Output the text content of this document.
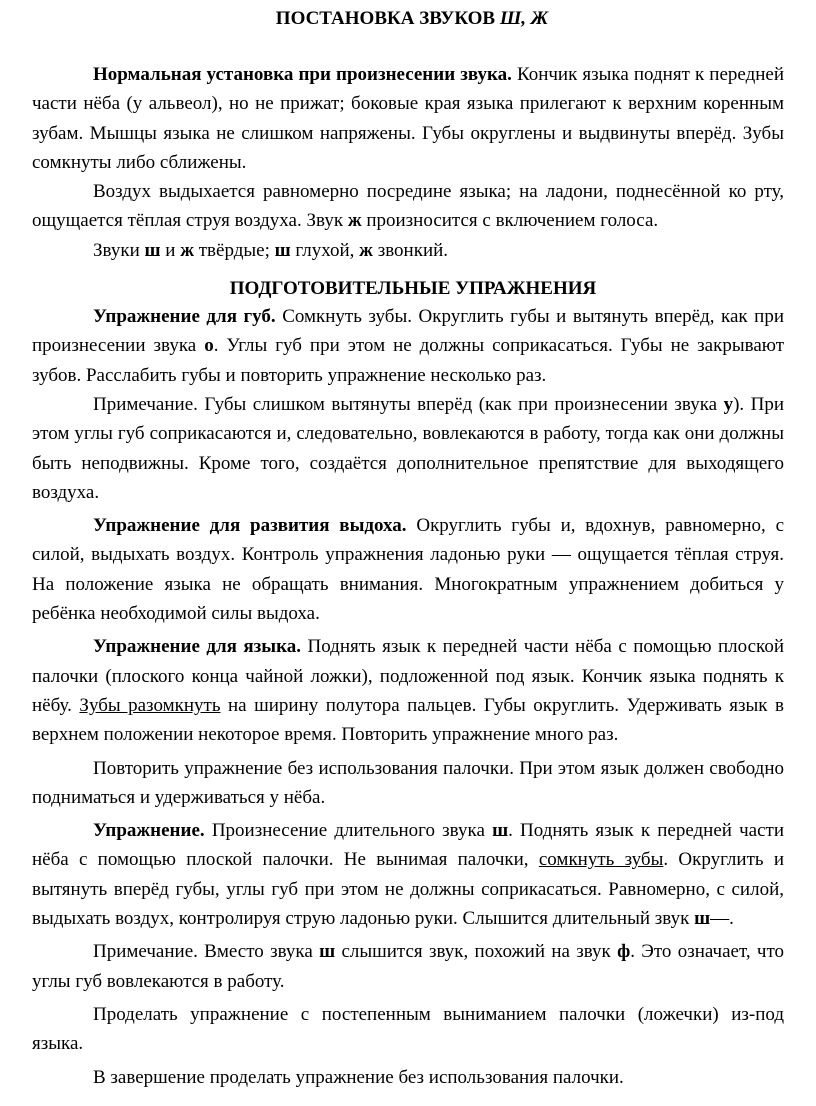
ПОСТАНОВКА ЗВУКОВ Ш, Ж

Нормальная установка при произнесении звука. Кончик языка поднят к передней части нёба (у альвеол), но не прижат; боковые края языка прилегают к верхним коренным зубам. Мышцы языка не слишком напряжены. Губы округлены и выдвинуты вперёд. Зубы сомкнуты либо сближены.

Воздух выдыхается равномерно посредине языка; на ладони, поднесённой ко рту, ощущается тёплая струя воздуха. Звук ж произносится с включением голоса.

Звуки ш и ж твёрдые; ш глухой, ж звонкий.

ПОДГОТОВИТЕЛЬНЫЕ УПРАЖНЕНИЯ

Упражнение для губ. Сомкнуть зубы. Округлить губы и вытянуть вперёд, как при произнесении звука о. Углы губ при этом не должны соприкасаться. Губы не закрывают зубов. Расслабить губы и повторить упражнение несколько раз.

Примечание. Губы слишком вытянуты вперёд (как при произнесении звука у). При этом углы губ соприкасаются и, следовательно, вовлекаются в работу, тогда как они должны быть неподвижны. Кроме того, создаётся дополнительное препятствие для выходящего воздуха.

Упражнение для развития выдоха. Округлить губы и, вдохнув, равномерно, с силой, выдыхать воздух. Контроль упражнения ладонью руки — ощущается тёплая струя. На положение языка не обращать внимания. Многократным упражнением добиться у ребёнка необходимой силы выдоха.

Упражнение для языка. Поднять язык к передней части нёба с помощью плоской палочки (плоского конца чайной ложки), подложенной под язык. Кончик языка поднять к нёбу. Зубы разомкнуть на ширину полутора пальцев. Губы округлить. Удерживать язык в верхнем положении некоторое время. Повторить упражнение много раз.

Повторить упражнение без использования палочки. При этом язык должен свободно подниматься и удерживаться у нёба.

Упражнение. Произнесение длительного звука ш. Поднять язык к передней части нёба с помощью плоской палочки. Не вынимая палочки, сомкнуть зубы. Округлить и вытянуть вперёд губы, углы губ при этом не должны соприкасаться. Равномерно, с силой, выдыхать воздух, контролируя струю ладонью руки. Слышится длительный звук ш—.

Примечание. Вместо звука ш слышится звук, похожий на звук ф. Это означает, что углы губ вовлекаются в работу.

Проделать упражнение с постепенным выниманием палочки (ложечки) из-под языка.

В завершение проделать упражнение без использования палочки.
